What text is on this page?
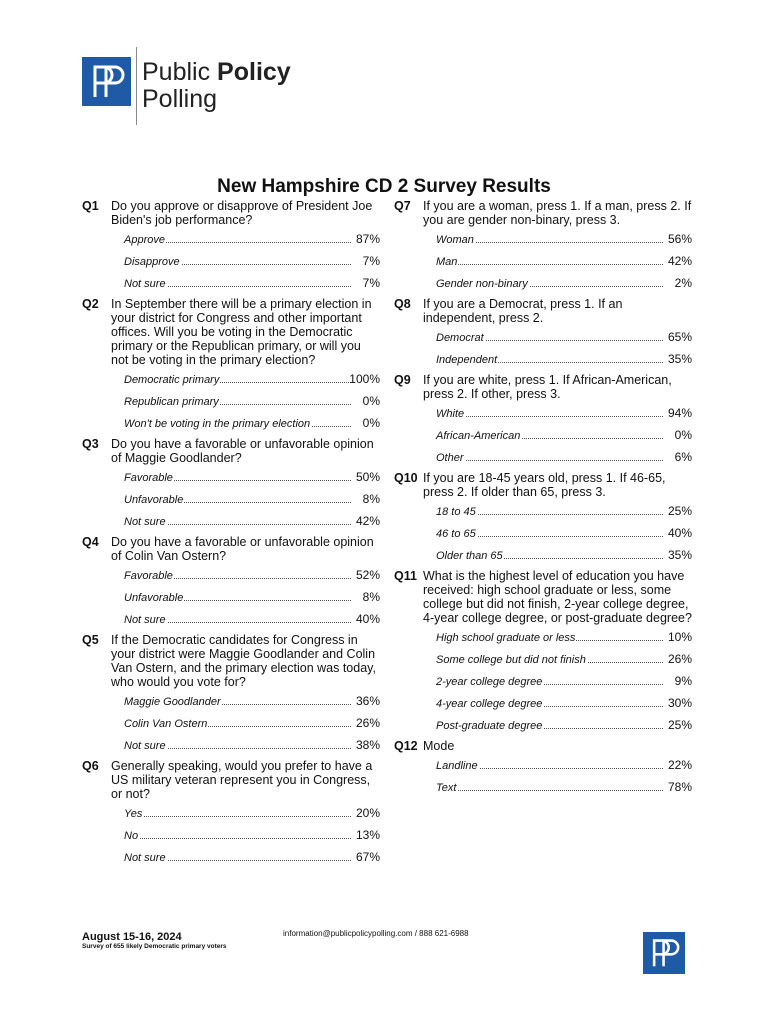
Public Policy
Polling
New Hampshire CD 2 Survey Results
Q1 Do you approve or disapprove of President Joe Biden's job performance?
Approve	87%
Disapprove	7%
Not sure	7%
Q2 In September there will be a primary election in your district for Congress and other important offices. Will you be voting in the Democratic primary or the Republican primary, or will you not be voting in the primary election?
Democratic primary	100%
Republican primary	0%
Won't be voting in the primary election	0%
Q3 Do you have a favorable or unfavorable opinion of Maggie Goodlander?
Favorable	50%
Unfavorable	8%
Not sure	42%
Q4 Do you have a favorable or unfavorable opinion of Colin Van Ostern?
Favorable	52%
Unfavorable	8%
Not sure	40%
Q5 If the Democratic candidates for Congress in your district were Maggie Goodlander and Colin Van Ostern, and the primary election was today, who would you vote for?
Maggie Goodlander	36%
Colin Van Ostern	26%
Not sure	38%
Q6 Generally speaking, would you prefer to have a US military veteran represent you in Congress, or not?
Yes	20%
No	13%
Not sure	67%
Q7 If you are a woman, press 1. If a man, press 2. If you are gender non-binary, press 3.
Woman	56%
Man	42%
Gender non-binary	2%
Q8 If you are a Democrat, press 1. If an independent, press 2.
Democrat	65%
Independent	35%
Q9 If you are white, press 1. If African-American, press 2. If other, press 3.
White	94%
African-American	0%
Other	6%
Q10 If you are 18-45 years old, press 1. If 46-65, press 2. If older than 65, press 3.
18 to 45	25%
46 to 65	40%
Older than 65	35%
Q11 What is the highest level of education you have received: high school graduate or less, some college but did not finish, 2-year college degree, 4-year college degree, or post-graduate degree?
High school graduate or less	10%
Some college but did not finish	26%
2-year college degree	9%
4-year college degree	30%
Post-graduate degree	25%
Q12 Mode
Landline	22%
Text	78%
August 15-16, 2024
Survey of 655 likely Democratic primary voters
information@publicpolicypolling.com / 888 621-6988
